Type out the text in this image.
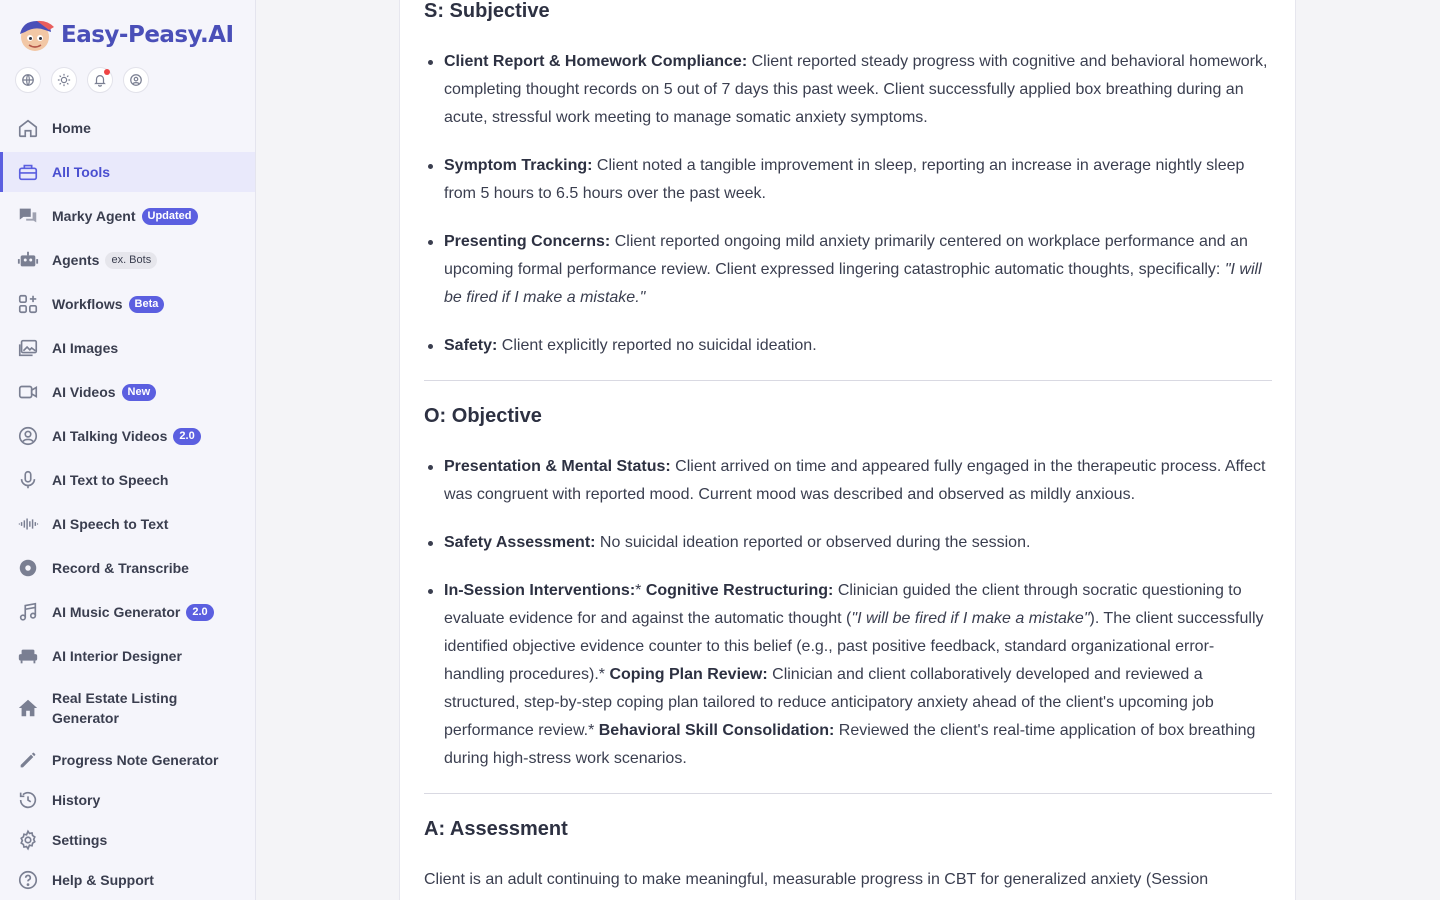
Easy-Peasy.AI
Home
All Tools
Marky Agent	Updated
Agents	ex. Bots
Workflows	Beta
AI Images
AI Videos	New
AI Talking Videos	2.0
AI Text to Speech
AI Speech to Text
Record & Transcribe
AI Music Generator	2.0
AI Interior Designer
Real Estate Listing Generator
Progress Note Generator
History
Settings
Help & Support
S: Subjective
Client Report & Homework Compliance: Client reported steady progress with cognitive and behavioral homework, completing thought records on 5 out of 7 days this past week. Client successfully applied box breathing during an acute, stressful work meeting to manage somatic anxiety symptoms.
Symptom Tracking: Client noted a tangible improvement in sleep, reporting an increase in average nightly sleep from 5 hours to 6.5 hours over the past week.
Presenting Concerns: Client reported ongoing mild anxiety primarily centered on workplace performance and an upcoming formal performance review. Client expressed lingering catastrophic automatic thoughts, specifically: "I will be fired if I make a mistake."
Safety: Client explicitly reported no suicidal ideation.
O: Objective
Presentation & Mental Status: Client arrived on time and appeared fully engaged in the therapeutic process. Affect was congruent with reported mood. Current mood was described and observed as mildly anxious.
Safety Assessment: No suicidal ideation reported or observed during the session.
In-Session Interventions:* Cognitive Restructuring: Clinician guided the client through socratic questioning to evaluate evidence for and against the automatic thought ("I will be fired if I make a mistake"). The client successfully identified objective evidence counter to this belief (e.g., past positive feedback, standard organizational error-handling procedures).* Coping Plan Review: Clinician and client collaboratively developed and reviewed a structured, step-by-step coping plan tailored to reduce anticipatory anxiety ahead of the client's upcoming job performance review.* Behavioral Skill Consolidation: Reviewed the client's real-time application of box breathing during high-stress work scenarios.
A: Assessment

Client is an adult continuing to make meaningful, measurable progress in CBT for generalized anxiety (Session
